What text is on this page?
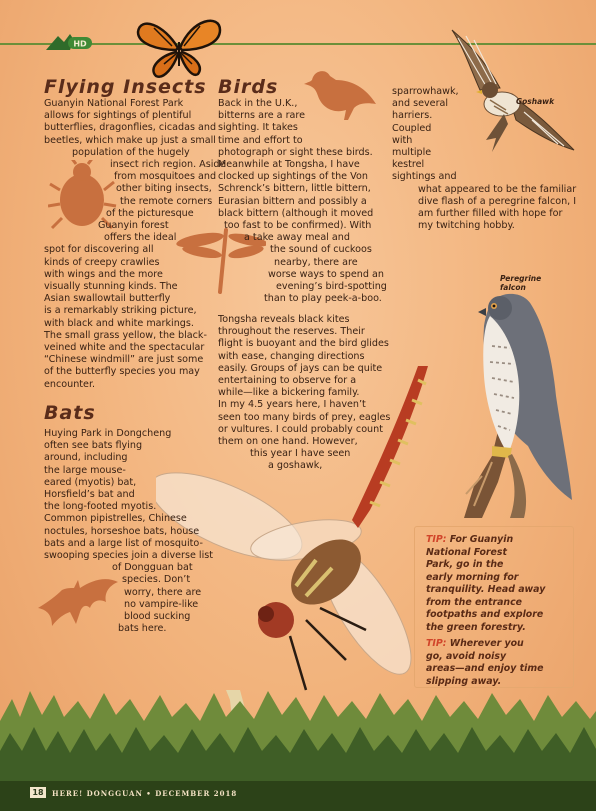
HD
Flying Insects
Bats
Birds
Guanyin National Forest Park
allows for sightings of plentiful
butterflies, dragonflies, cicadas and
beetles, which make up just a small
population of the hugely
insect rich region. Aside
from mosquitoes and
other biting insects,
the remote corners
of the picturesque
Guanyin forest
offers the ideal
spot for discovering all
kinds of creepy crawlies
with wings and the more
visually stunning kinds. The
Asian swallowtail butterfly
is a remarkably striking picture,
with black and white markings.
The small grass yellow, the black-
veined white and the spectacular
“Chinese windmill” are just some
of the butterfly species you may
encounter.
Huying Park in Dongcheng
often see bats flying
around, including
the large mouse-
eared (myotis) bat,
Horsfield’s bat and
the long-footed myotis.
Common pipistrelles, Chinese
noctules, horseshoe bats, house
bats and a large list of mosquito-
swooping species join a diverse list
of Dongguan bat
species. Don’t
worry, there are
no vampire-like
blood sucking
bats here.
Back in the U.K.,
bitterns are a rare
sighting. It takes
time and effort to
photograph or sight these birds.
Meanwhile at Tongsha, I have
clocked up sightings of the Von
Schrenck’s bittern, little bittern,
Eurasian bittern and possibly a
black bittern (although it moved
too fast to be confirmed). With
a take away meal and
the sound of cuckoos
nearby, there are
worse ways to spend an
evening’s bird-spotting
than to play peek-a-boo.
Tongsha reveals black kites
throughout the reserves. Their
flight is buoyant and the bird glides
with ease, changing directions
easily. Groups of jays can be quite
entertaining to observe for a
while—like a bickering family.
In my 4.5 years here, I haven’t
seen too many birds of prey, eagles
or vultures. I could probably count
them on one hand. However,
this year I have seen
a goshawk,
sparrowhawk,
and several
harriers.
Coupled
with
multiple
kestrel
sightings and
what appeared to be the familiar
dive flash of a peregrine falcon, I
am further filled with hope for
my twitching hobby.
Goshawk
Peregrine
falcon
TIP: For Guanyin
National Forest
Park, go in the
early morning for
tranquility. Head away
from the entrance
footpaths and explore
the green forestry.
TIP: Wherever you
go, avoid noisy
areas—and enjoy time
slipping away.
18	HERE! DONGGUAN • DECEMBER 2018
